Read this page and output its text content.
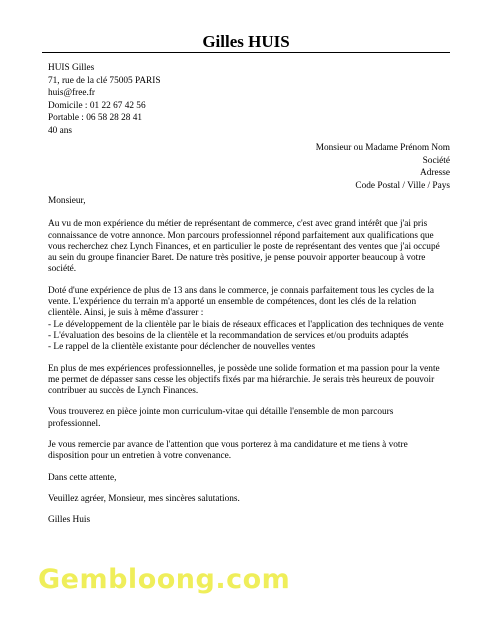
Gilles HUIS
HUIS Gilles
71, rue de la clé 75005 PARIS
huis@free.fr
Domicile : 01 22 67 42 56
Portable : 06 58 28 28 41
40 ans
Monsieur ou Madame Prénom Nom
Société
Adresse
Code Postal / Ville / Pays

Monsieur,

Au vu de mon expérience du métier de représentant de commerce, c'est avec grand intérêt que j'ai pris connaissance de votre annonce. Mon parcours professionnel répond parfaitement aux qualifications que vous recherchez chez Lynch Finances, et en particulier le poste de représentant des ventes que j'ai occupé au sein du groupe financier Baret. De nature très positive, je pense pouvoir apporter beaucoup à votre société.

Doté d'une expérience de plus de 13 ans dans le commerce, je connais parfaitement tous les cycles de la vente. L'expérience du terrain m'a apporté un ensemble de compétences, dont les clés de la relation clientèle. Ainsi, je suis à même d'assurer :
- Le développement de la clientèle par le biais de réseaux efficaces et l'application des techniques de vente
- L'évaluation des besoins de la clientèle et la recommandation de services et/ou produits adaptés
- Le rappel de la clientèle existante pour déclencher de nouvelles ventes

En plus de mes expériences professionnelles, je possède une solide formation et ma passion pour la vente me permet de dépasser sans cesse les objectifs fixés par ma hiérarchie. Je serais très heureux de pouvoir contribuer au succès de Lynch Finances.

Vous trouverez en pièce jointe mon curriculum-vitae qui détaille l'ensemble de mon parcours professionnel.

Je vous remercie par avance de l'attention que vous porterez à ma candidature et me tiens à votre disposition pour un entretien à votre convenance.

Dans cette attente,

Veuillez agréer, Monsieur, mes sincères salutations.

Gilles Huis

Gembloong.com
